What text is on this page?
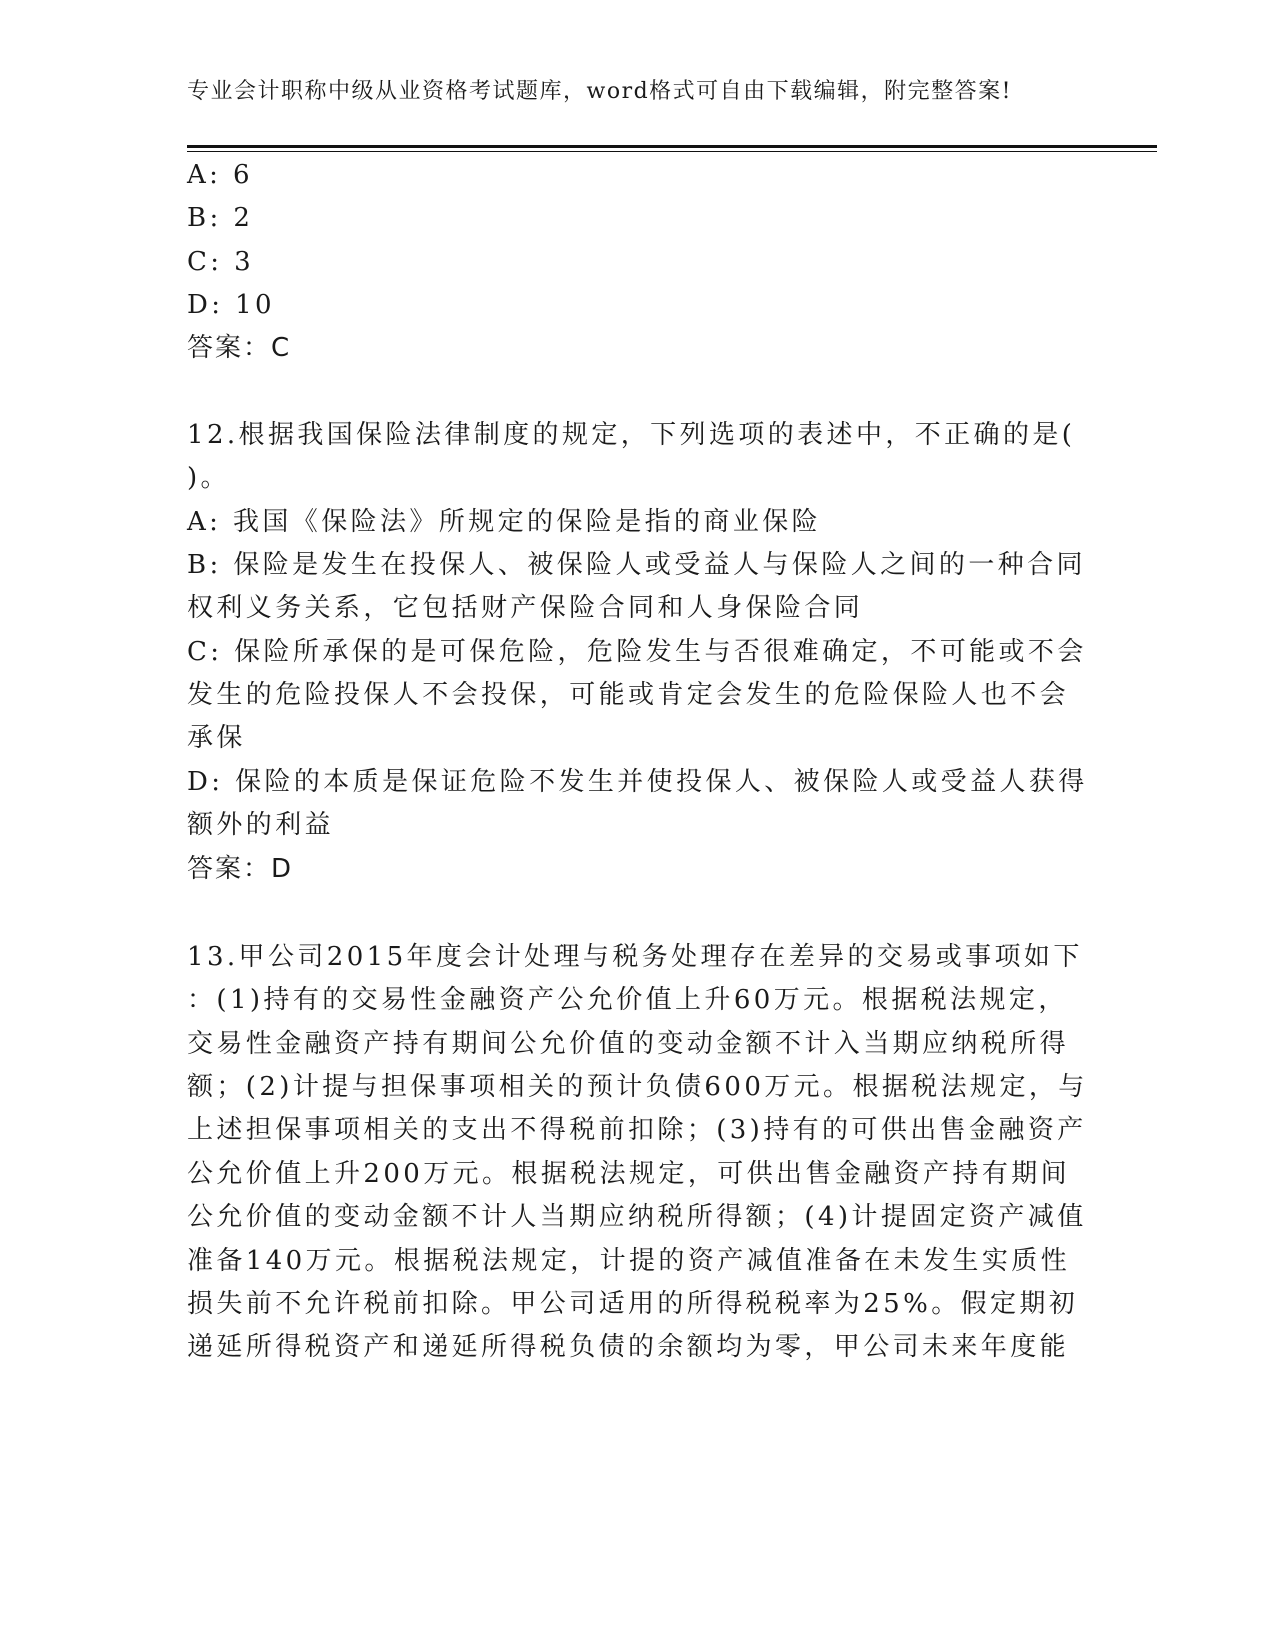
专业会计职称中级从业资格考试题库，word格式可自由下载编辑，附完整答案!
A: 6
B: 2
C: 3
D: 10
答案：C
12.根据我国保险法律制度的规定，下列选项的表述中，不正确的是(
)。
A: 我国《保险法》所规定的保险是指的商业保险
B: 保险是发生在投保人、被保险人或受益人与保险人之间的一种合同
权利义务关系，它包括财产保险合同和人身保险合同
C: 保险所承保的是可保危险，危险发生与否很难确定，不可能或不会
发生的危险投保人不会投保，可能或肯定会发生的危险保险人也不会
承保
D: 保险的本质是保证危险不发生并使投保人、被保险人或受益人获得
额外的利益
答案：D
13.甲公司2015年度会计处理与税务处理存在差异的交易或事项如下
：(1)持有的交易性金融资产公允价值上升60万元。根据税法规定，
交易性金融资产持有期间公允价值的变动金额不计入当期应纳税所得
额；(2)计提与担保事项相关的预计负债600万元。根据税法规定，与
上述担保事项相关的支出不得税前扣除；(3)持有的可供出售金融资产
公允价值上升200万元。根据税法规定，可供出售金融资产持有期间
公允价值的变动金额不计人当期应纳税所得额；(4)计提固定资产减值
准备140万元。根据税法规定，计提的资产减值准备在未发生实质性
损失前不允许税前扣除。甲公司适用的所得税税率为25%。假定期初
递延所得税资产和递延所得税负债的余额均为零，甲公司未来年度能
